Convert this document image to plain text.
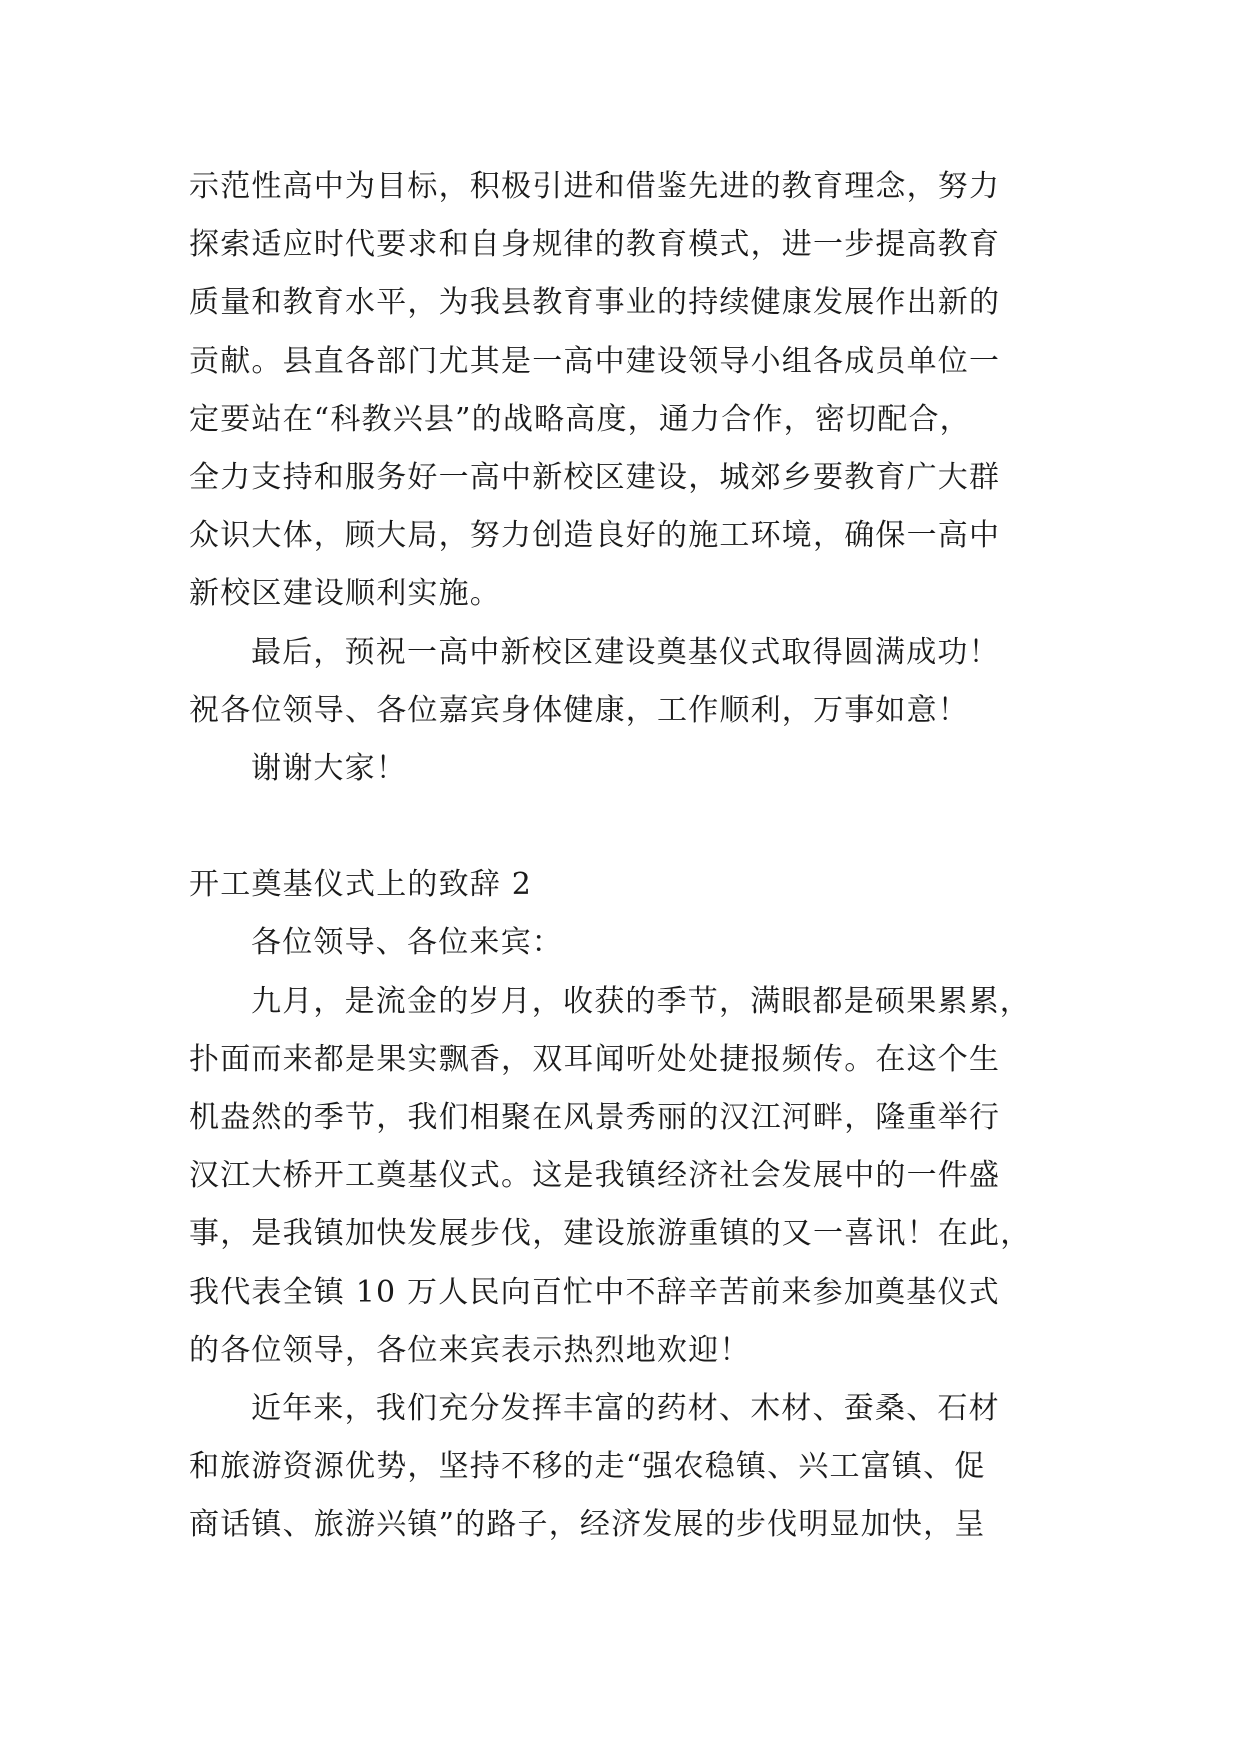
示范性高中为目标，积极引进和借鉴先进的教育理念，努力
探索适应时代要求和自身规律的教育模式，进一步提高教育
质量和教育水平，为我县教育事业的持续健康发展作出新的
贡献。县直各部门尤其是一高中建设领导小组各成员单位一
定要站在“科教兴县”的战略高度，通力合作，密切配合，
全力支持和服务好一高中新校区建设，城郊乡要教育广大群
众识大体，顾大局，努力创造良好的施工环境，确保一高中
新校区建设顺利实施。
最后，预祝一高中新校区建设奠基仪式取得圆满成功！
祝各位领导、各位嘉宾身体健康，工作顺利，万事如意！
谢谢大家！
开工奠基仪式上的致辞 2
各位领导、各位来宾：
九月，是流金的岁月，收获的季节，满眼都是硕果累累，
扑面而来都是果实飘香，双耳闻听处处捷报频传。在这个生
机盎然的季节，我们相聚在风景秀丽的汉江河畔，隆重举行
汉江大桥开工奠基仪式。这是我镇经济社会发展中的一件盛
事，是我镇加快发展步伐，建设旅游重镇的又一喜讯！在此，
我代表全镇 10 万人民向百忙中不辞辛苦前来参加奠基仪式
的各位领导，各位来宾表示热烈地欢迎！
近年来，我们充分发挥丰富的药材、木材、蚕桑、石材
和旅游资源优势，坚持不移的走“强农稳镇、兴工富镇、促
商话镇、旅游兴镇”的路子，经济发展的步伐明显加快，呈
